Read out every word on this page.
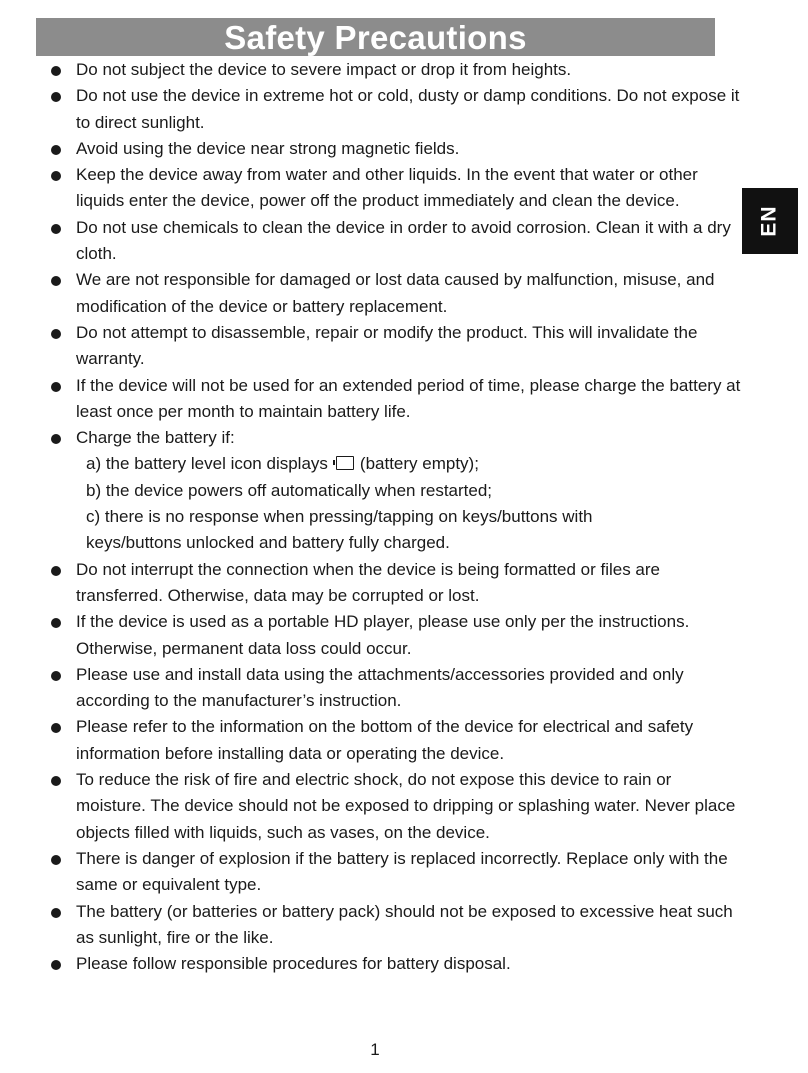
Safety Precautions
EN
Do not subject the device to severe impact or drop it from heights.
Do not use the device in extreme hot or cold, dusty or damp conditions. Do not expose it to direct sunlight.
Avoid using the device near strong magnetic fields.
Keep the device away from water and other liquids. In the event that water or other liquids enter the device, power off the product immediately and clean the device.
Do not use chemicals to clean the device in order to avoid corrosion. Clean it with a dry cloth.
We are not responsible for damaged or lost data caused by malfunction, misuse, and modification of the device or battery replacement.
Do not attempt to disassemble, repair or modify the product. This will invalidate the warranty.
If the device will not be used for an extended period of time, please charge the battery at least once per month to maintain battery life.
Charge the battery if:
a) the battery level icon displays (battery empty);
b) the device powers off automatically when restarted;
c) there is no response when pressing/tapping on keys/buttons with
keys/buttons unlocked and battery fully charged.
Do not interrupt the connection when the device is being formatted or files are transferred. Otherwise, data may be corrupted or lost.
If the device is used as a portable HD player, please use only per the instructions. Otherwise, permanent data loss could occur.
Please use and install data using the attachments/accessories provided and only according to the manufacturer’s instruction.
Please refer to the information on the bottom of the device for electrical and safety information before installing data or operating the device.
To reduce the risk of fire and electric shock, do not expose this device to rain or moisture. The device should not be exposed to dripping or splashing water. Never place objects filled with liquids, such as vases, on the device.
There is danger of explosion if the battery is replaced incorrectly. Replace only with the same or equivalent type.
The battery (or batteries or battery pack) should not be exposed to excessive heat such as sunlight, fire or the like.
Please follow responsible procedures for battery disposal.
1
